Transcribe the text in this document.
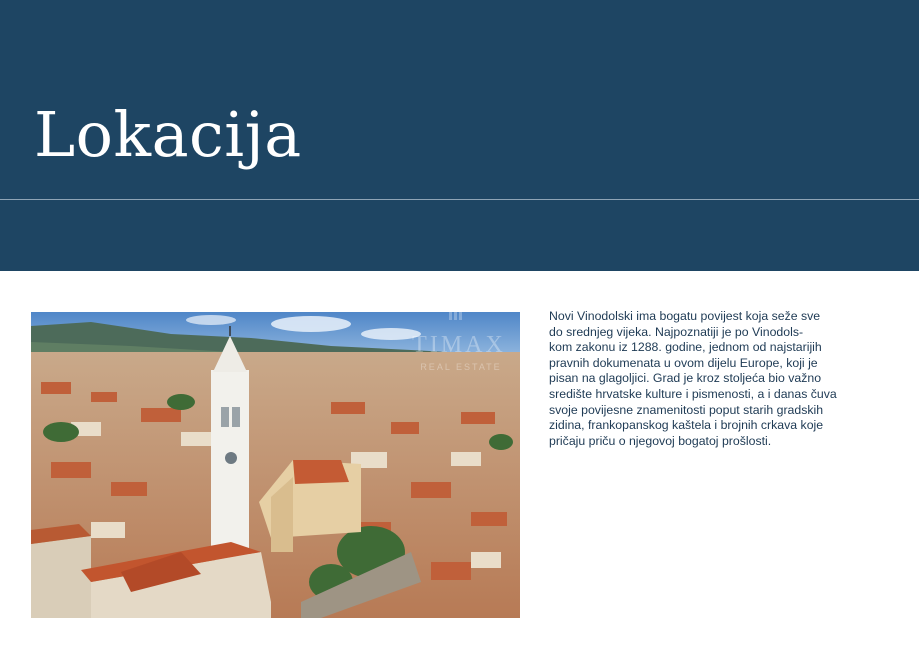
Lokacija
TIMAX
REAL ESTATE

Novi Vinodolski ima bogatu povijest koja seže sve
do srednjeg vijeka. Najpoznatiji je po Vinodols-
kom zakonu iz 1288. godine, jednom od najstarijih
pravnih dokumenata u ovom dijelu Europe, koji je
pisan na glagoljici. Grad je kroz stoljeća bio važno
središte hrvatske kulture i pismenosti, a i danas čuva
svoje povijesne znamenitosti poput starih gradskih
zidina, frankopanskog kaštela i brojnih crkava koje
pričaju priču o njegovoj bogatoj prošlosti.
